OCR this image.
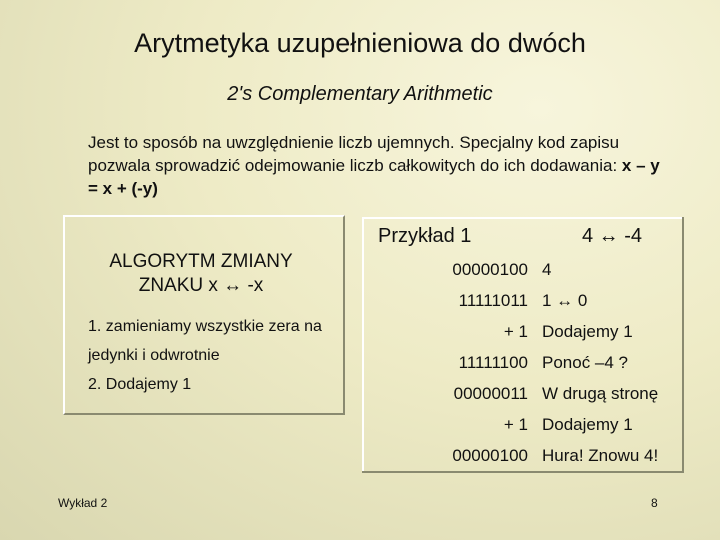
Arytmetyka uzupełnieniowa do dwóch
2's Complementary Arithmetic
Jest to sposób na uwzględnienie liczb ujemnych. Specjalny kod zapisu pozwala sprowadzić odejmowanie liczb całkowitych do ich dodawania: x – y = x + (-y)
ALGORYTM ZMIANY
ZNAKU x ↔ -x
1. zamieniamy wszystkie zera na jedynki i odwrotnie
2. Dodajemy 1
Przykład 1	4 ↔ -4
00000100	4
11111011	1 ↔ 0
+ 1	Dodajemy 1
11111100	Ponoć –4 ?
00000011	W drugą stronę
+ 1	Dodajemy 1
00000100	Hura! Znowu 4!
Wykład 2	8
